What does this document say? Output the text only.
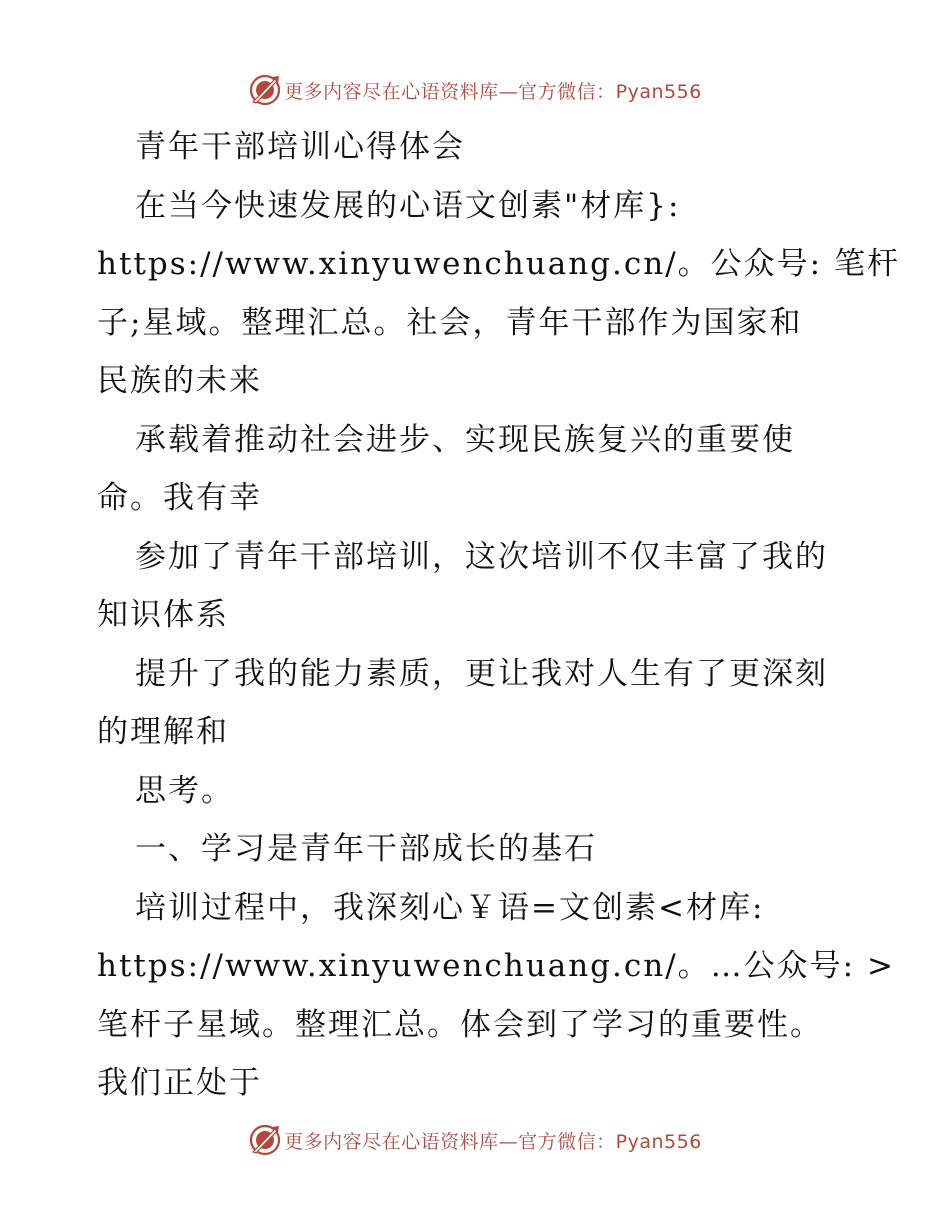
更多内容尽在心语资料库—官方微信：Pyan556
青年干部培训心得体会
在当今快速发展的心语文创素"材库}:
https://www.xinyuwenchuang.cn/。公众号: 笔杆
子;星域。整理汇总。社会，青年干部作为国家和
民族的未来
承载着推动社会进步、实现民族复兴的重要使
命。我有幸
参加了青年干部培训，这次培训不仅丰富了我的
知识体系
提升了我的能力素质，更让我对人生有了更深刻
的理解和
思考。
一、学习是青年干部成长的基石
培训过程中，我深刻心￥语=文创素<材库:
https://www.xinyuwenchuang.cn/。…公众号: >
笔杆子星域。整理汇总。体会到了学习的重要性。
我们正处于
更多内容尽在心语资料库—官方微信：Pyan556
